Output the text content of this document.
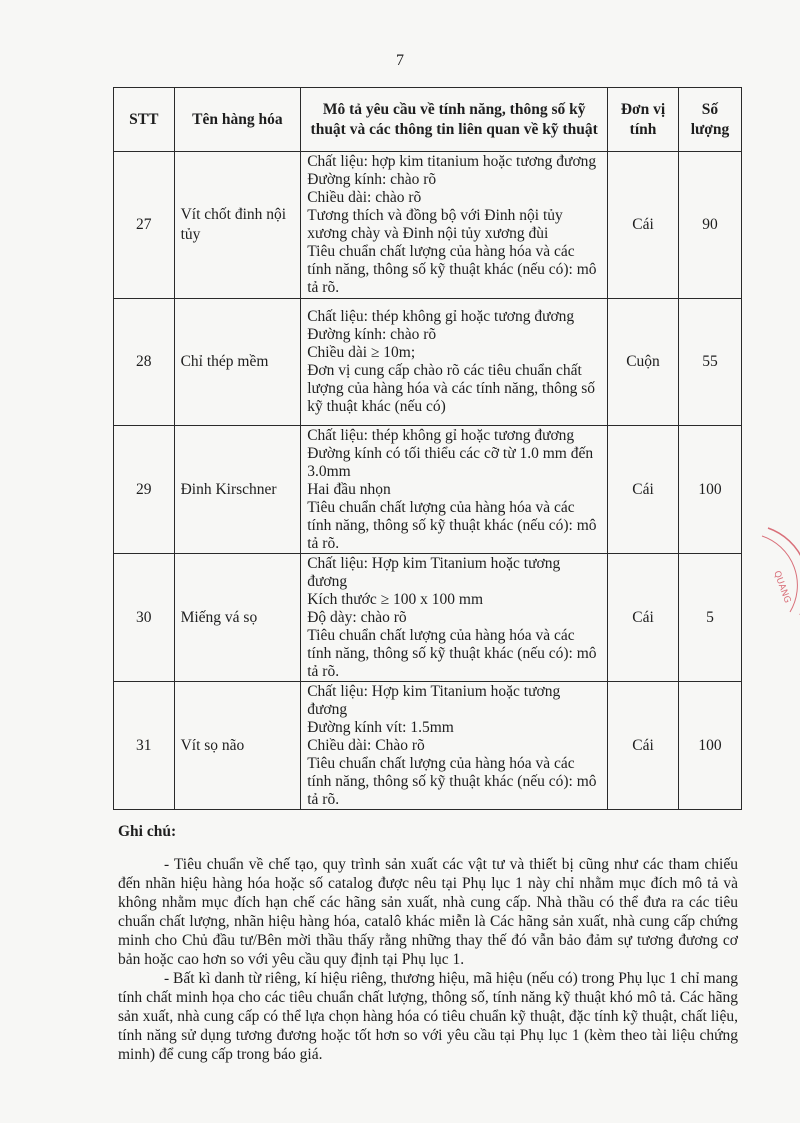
7
STT	Tên hàng hóa	Mô tả yêu cầu về tính năng, thông số kỹ thuật và các thông tin liên quan về kỹ thuật	Đơn vị tính	Số lượng
27	Vít chốt đinh nội tủy	Chất liệu: hợp kim titanium hoặc tương đương
Đường kính: chào rõ
Chiều dài: chào rõ
Tương thích và đồng bộ với Đinh nội tủy xương chày và Đinh nội tủy xương đùi
Tiêu chuẩn chất lượng của hàng hóa và các tính năng, thông số kỹ thuật khác (nếu có): mô tả rõ.	Cái	90
28	Chỉ thép mềm	Chất liệu: thép không gỉ hoặc tương đương
Đường kính: chào rõ
Chiều dài ≥ 10m;
Đơn vị cung cấp chào rõ các tiêu chuẩn chất lượng của hàng hóa và các tính năng, thông số kỹ thuật khác (nếu có)	Cuộn	55
29	Đinh Kirschner	Chất liệu: thép không gỉ hoặc tương đương
Đường kính có tối thiểu các cỡ từ 1.0 mm đến 3.0mm
Hai đầu nhọn
Tiêu chuẩn chất lượng của hàng hóa và các tính năng, thông số kỹ thuật khác (nếu có): mô tả rõ.	Cái	100
30	Miếng vá sọ	Chất liệu: Hợp kim Titanium hoặc tương đương
Kích thước ≥ 100 x 100 mm
Độ dày: chào rõ
Tiêu chuẩn chất lượng của hàng hóa và các tính năng, thông số kỹ thuật khác (nếu có): mô tả rõ.	Cái	5
31	Vít sọ não	Chất liệu: Hợp kim Titanium hoặc tương đương
Đường kính vít: 1.5mm
Chiều dài: Chào rõ
Tiêu chuẩn chất lượng của hàng hóa và các tính năng, thông số kỹ thuật khác (nếu có): mô tả rõ.	Cái	100
Ghi chú:

- Tiêu chuẩn về chế tạo, quy trình sản xuất các vật tư và thiết bị cũng như các tham chiếu đến nhãn hiệu hàng hóa hoặc số catalog được nêu tại Phụ lục 1 này chỉ nhằm mục đích mô tả và không nhằm mục đích hạn chế các hãng sản xuất, nhà cung cấp. Nhà thầu có thể đưa ra các tiêu chuẩn chất lượng, nhãn hiệu hàng hóa, catalô khác miễn là Các hãng sản xuất, nhà cung cấp chứng minh cho Chủ đầu tư/Bên mời thầu thấy rằng những thay thế đó vẫn bảo đảm sự tương đương cơ bản hoặc cao hơn so với yêu cầu quy định tại Phụ lục 1.

- Bất kì danh từ riêng, kí hiệu riêng, thương hiệu, mã hiệu (nếu có) trong Phụ lục 1 chỉ mang tính chất minh họa cho các tiêu chuẩn chất lượng, thông số, tính năng kỹ thuật khó mô tả. Các hãng sản xuất, nhà cung cấp có thể lựa chọn hàng hóa có tiêu chuẩn kỹ thuật, đặc tính kỹ thuật, chất liệu, tính năng sử dụng tương đương hoặc tốt hơn so với yêu cầu tại Phụ lục 1 (kèm theo tài liệu chứng minh) để cung cấp trong báo giá.

QUANG
